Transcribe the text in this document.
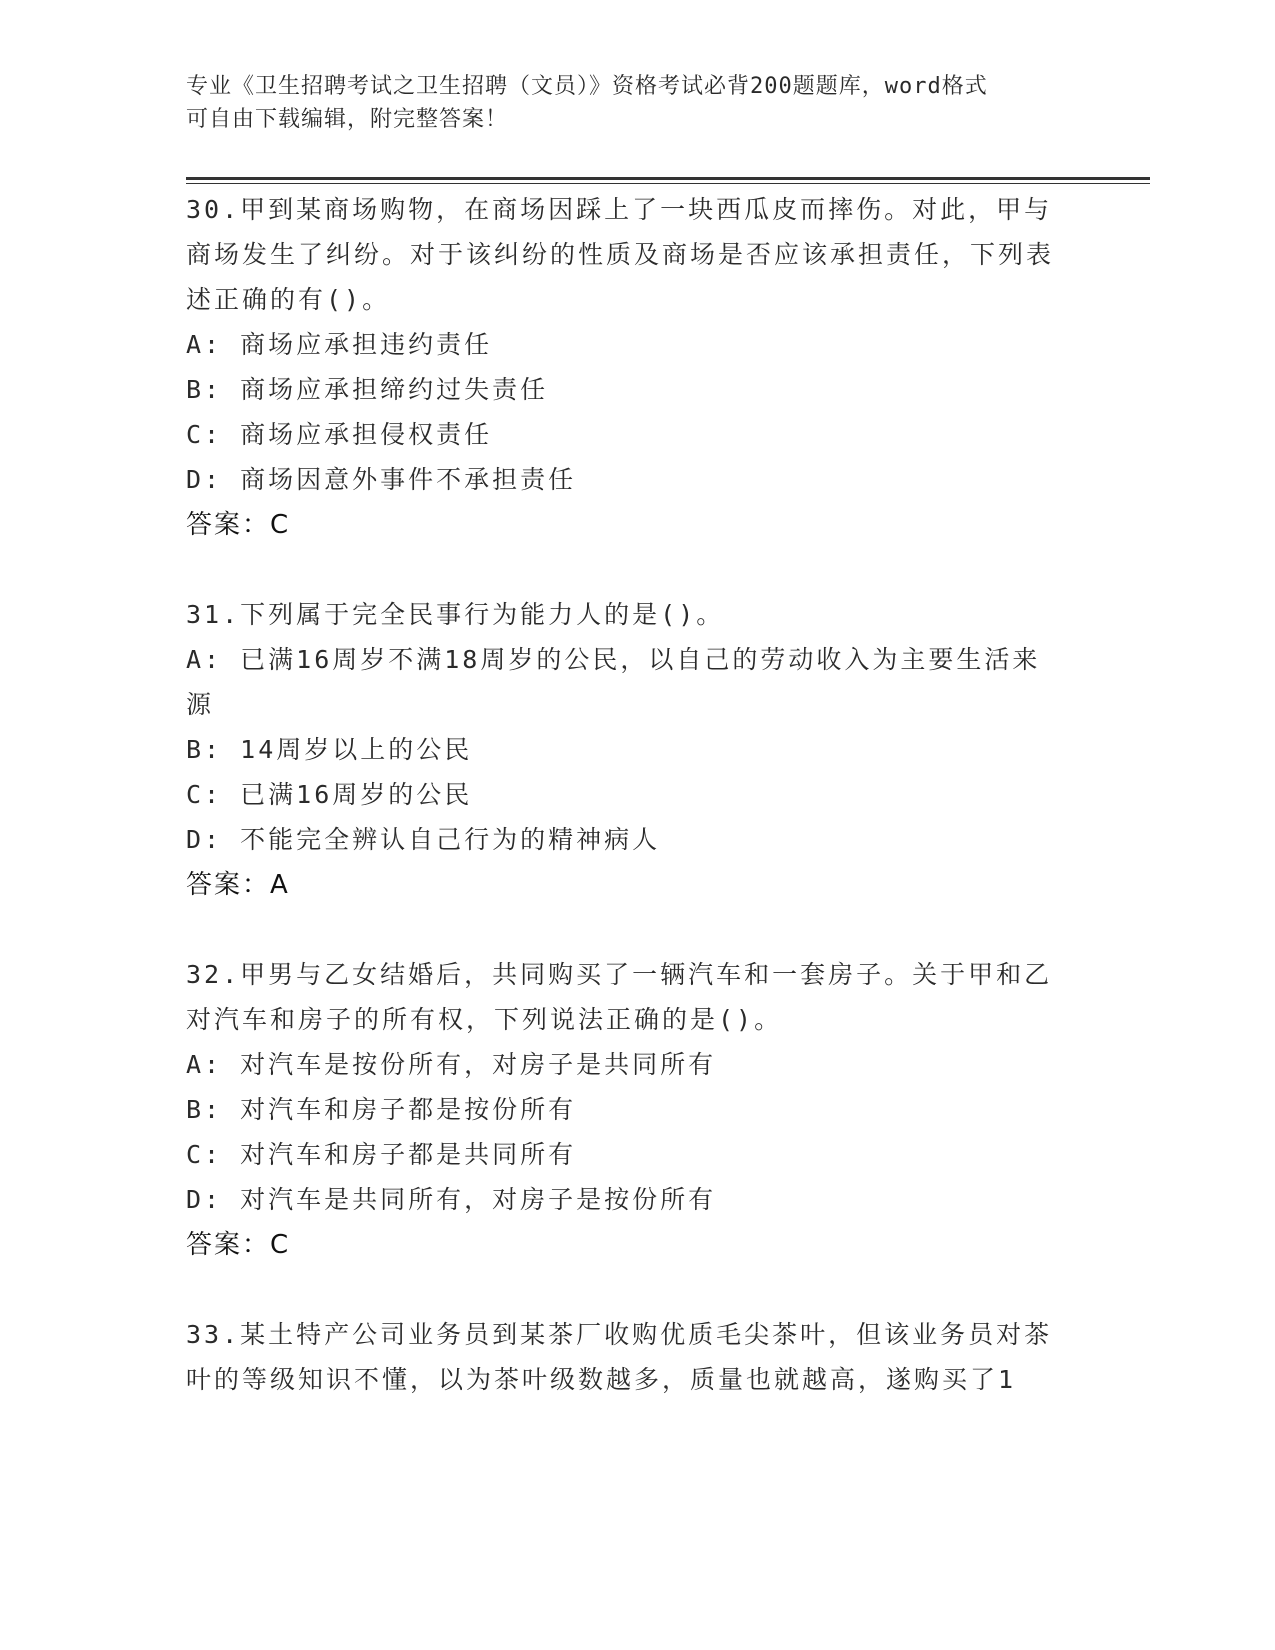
专业《卫生招聘考试之卫生招聘（文员）》资格考试必背200题题库，word格式
可自由下载编辑，附完整答案！

30.甲到某商场购物，在商场因踩上了一块西瓜皮而摔伤。对此，甲与商场发生了纠纷。对于该纠纷的性质及商场是否应该承担责任，下列表述正确的有()。

A: 商场应承担违约责任

B: 商场应承担缔约过失责任

C: 商场应承担侵权责任

D: 商场因意外事件不承担责任

答案：C

31.下列属于完全民事行为能力人的是()。

A: 已满16周岁不满18周岁的公民，以自己的劳动收入为主要生活来源

B: 14周岁以上的公民

C: 已满16周岁的公民

D: 不能完全辨认自己行为的精神病人

答案：A

32.甲男与乙女结婚后，共同购买了一辆汽车和一套房子。关于甲和乙对汽车和房子的所有权，下列说法正确的是()。

A: 对汽车是按份所有，对房子是共同所有

B: 对汽车和房子都是按份所有

C: 对汽车和房子都是共同所有

D: 对汽车是共同所有，对房子是按份所有

答案：C

33.某土特产公司业务员到某茶厂收购优质毛尖茶叶，但该业务员对茶叶的等级知识不懂，以为茶叶级数越多，质量也就越高，遂购买了1
